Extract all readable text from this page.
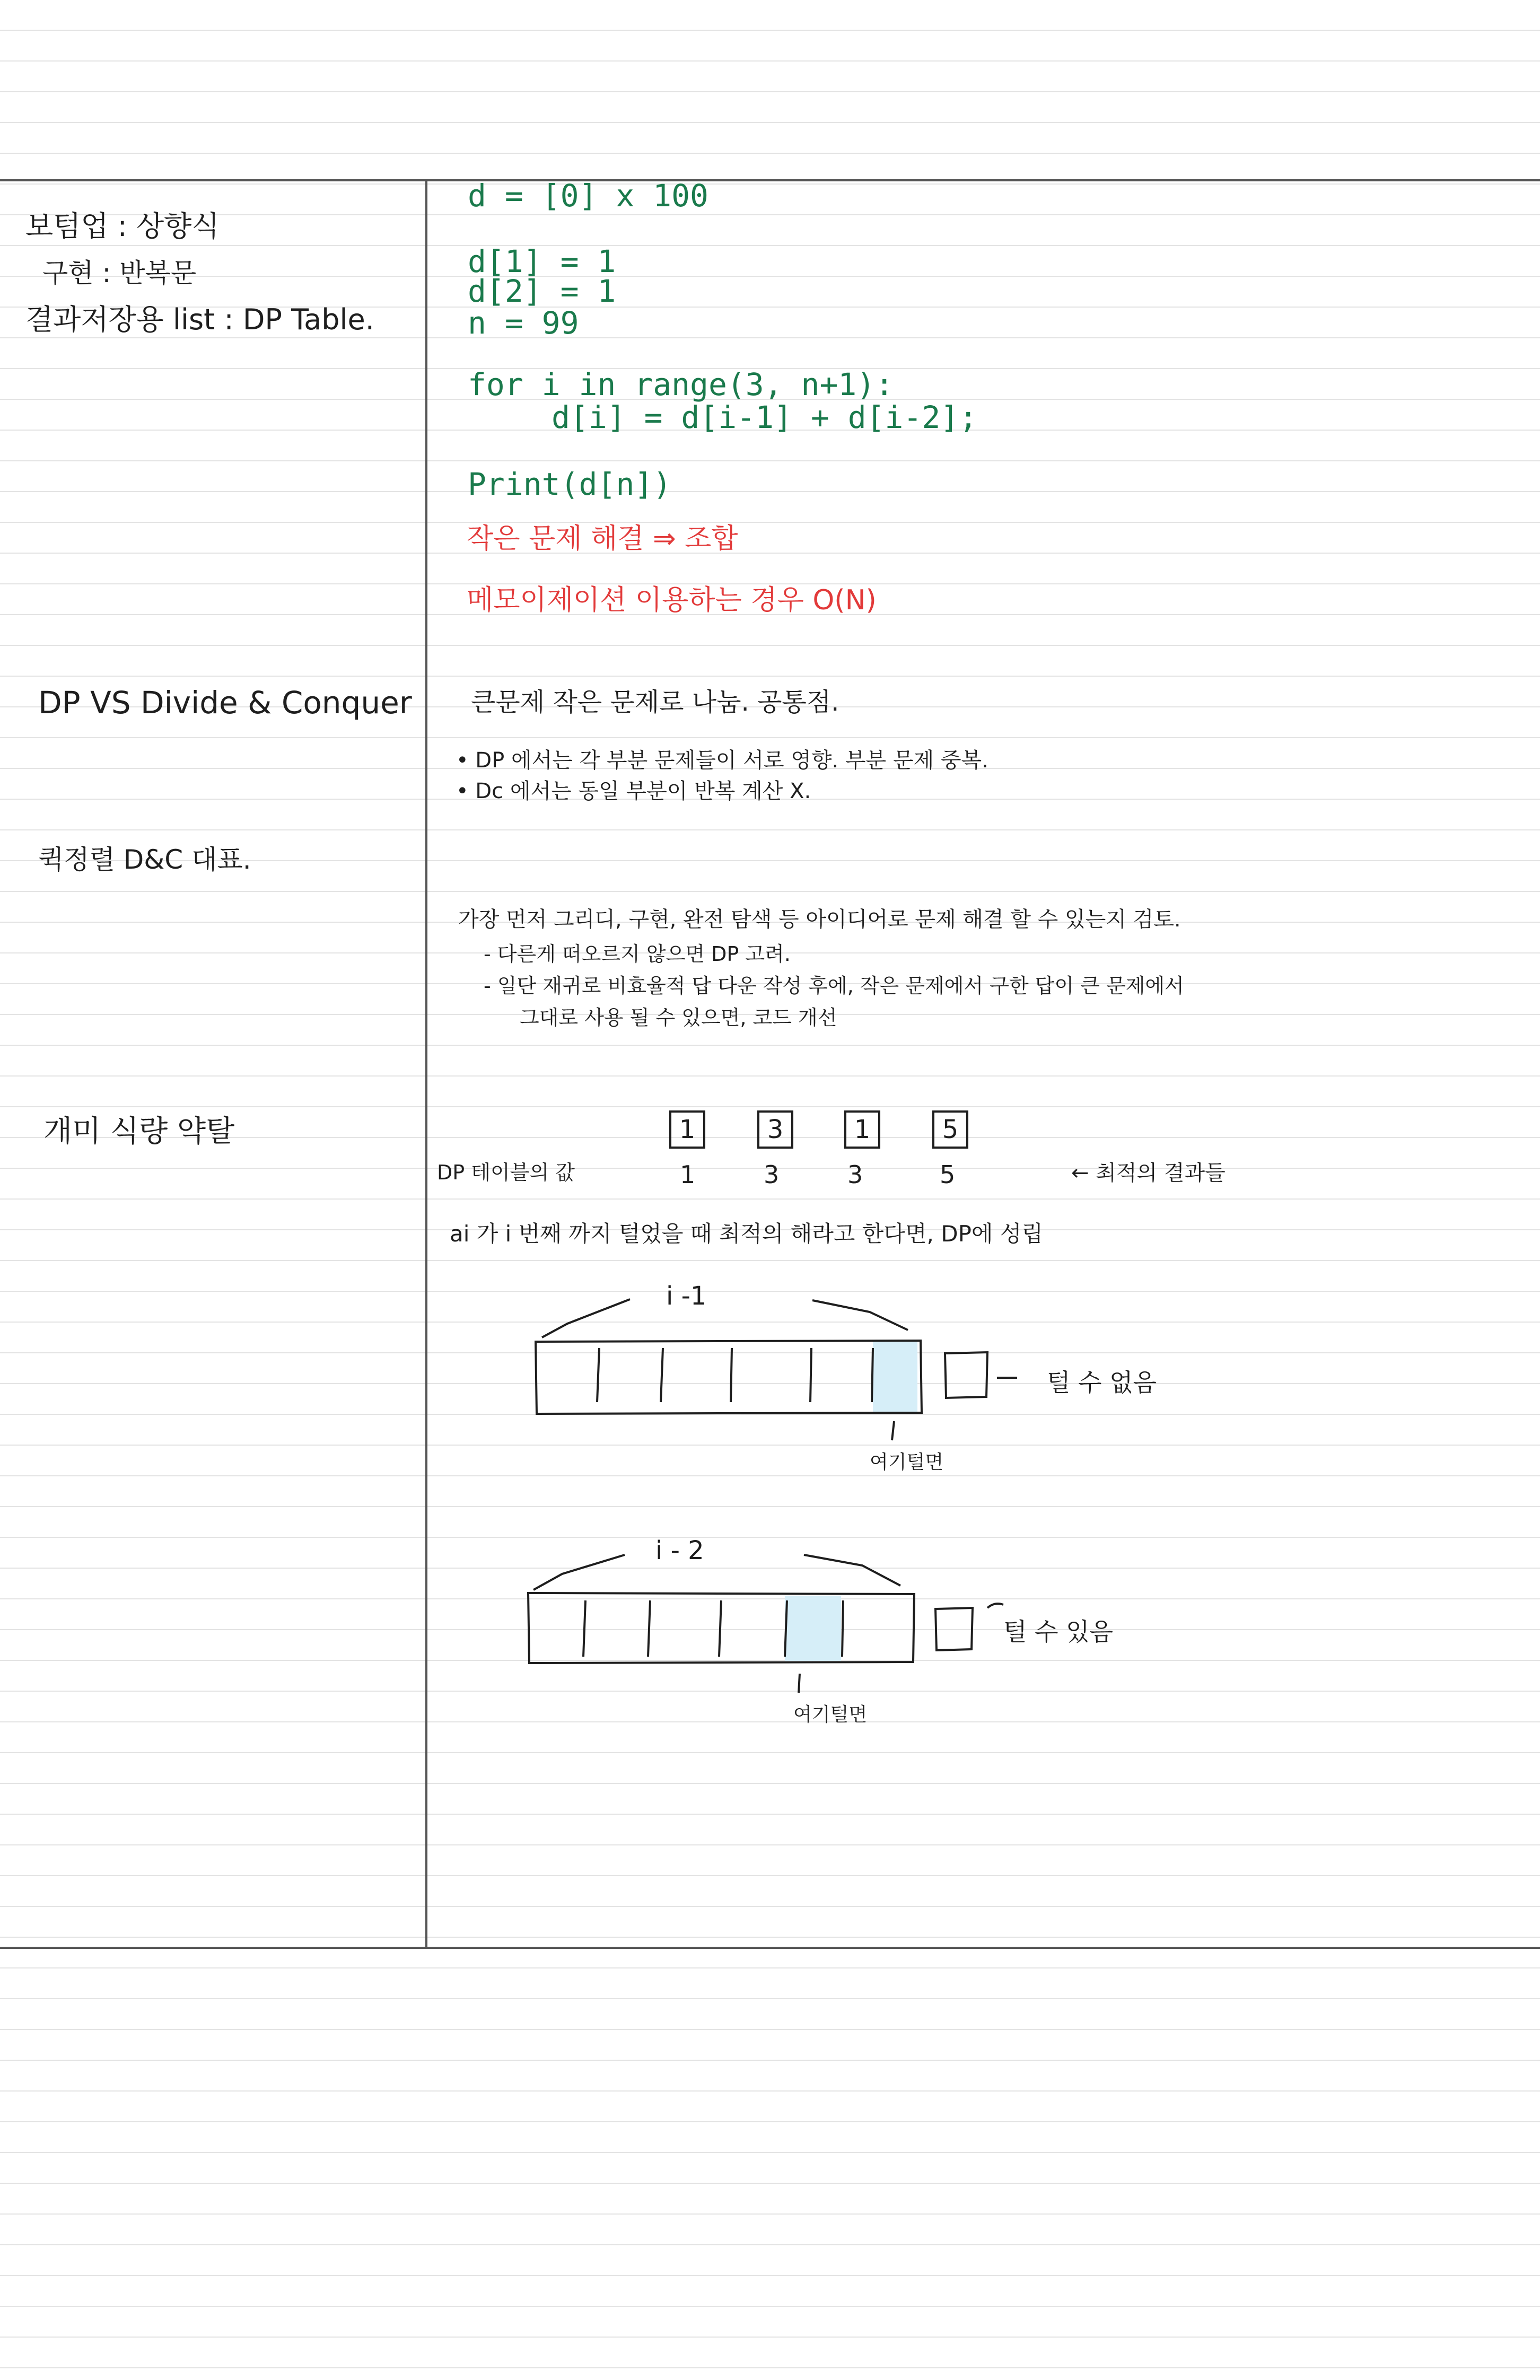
보텀업 : 상향식
구현 : 반복문
결과저장용 list : DP Table.
DP VS Divide & Conquer
퀵정렬 D&C 대표.
개미 식량 약탈
d = [0] x 100
d[1] = 1
d[2] = 1
n = 99
for i in range(3, n+1):
d[i] = d[i-1] + d[i-2];
Print(d[n])
작은 문제 해결 ⇒ 조합
메모이제이션 이용하는 경우 O(N)
큰문제 작은 문제로 나눔. 공통점.
• DP 에서는 각 부분 문제들이 서로 영향. 부분 문제 중복.
• Dc 에서는 동일 부분이 반복 계산 X.
가장 먼저 그리디, 구현, 완전 탐색 등 아이디어로 문제 해결 할 수 있는지 검토.
- 다른게 떠오르지 않으면 DP 고려.
- 일단 재귀로 비효율적 답 다운 작성 후에, 작은 문제에서 구한 답이 큰 문제에서
그대로 사용 될 수 있으면, 코드 개선
1	3	1	5
DP 테이블의 값	1	3	3	5	← 최적의 결과들
ai 가 i 번째 까지 털었을 때 최적의 해라고 한다면, DP에 성립
i -1
털 수 없음
여기털면
i - 2
털 수 있음
여기털면
